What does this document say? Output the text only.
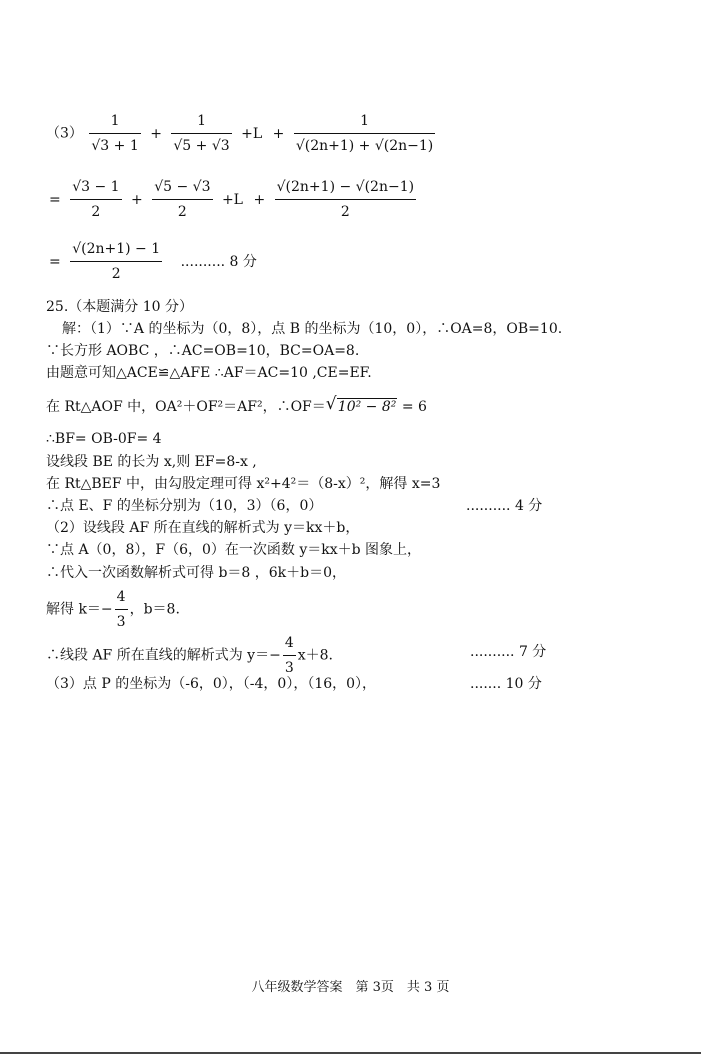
$(3) \frac{1}{√3 + 1} + \frac{1}{√5 + √3} +L + \frac{1}{√(2n+1) + √(2n-1)}$
= $\frac{√3 - 1}{2} + \frac{√5 - √3}{2} +L + \frac{√(2n+1) - √(2n-1)}{2}$
= $\frac{√(2n+1) - 1}{2}$ .......... 8 分
25.（本题满分 10 分）
解：（1）∵A 的坐标为（0，8），点 B 的坐标为（10，0），∴OA=8，OB=10.
∵长方形 AOBC ，∴AC=OB=10，BC=OA=8.
由题意可知△ACE≌△AFE ∴AF＝AC=10 ,CE=EF.
在 Rt△AOF 中，OA²＋OF²＝AF²，∴OF＝ √ 10² − 8² = 6
∴BF= OB-0F= 4
设线段 BE 的长为 x,则 EF=8-x ,
在 Rt△BEF 中，由勾股定理可得 x²+4²＝（8-x）²，解得 x=3
∴点 E、F 的坐标分别为（10，3）（6，0）	.......... 4 分
（2）设线段 AF 所在直线的解析式为 y＝kx＋b，
∵点 A（0，8），F（6，0）在一次函数 y＝kx＋b 图象上，
∴代入一次函数解析式可得 b＝8 ，6k＋b＝0，
解得 $k=- \frac{4}{3}$ ，b＝8.
∴线段 AF 所在直线的解析式为 $y=- \frac{4}{3} x+8$.	.......... 7 分
（3）点 P 的坐标为（-6，0），（-4，0），（16，0），	....... 10 分
八年级数学答案　第 3页　共 3 页
